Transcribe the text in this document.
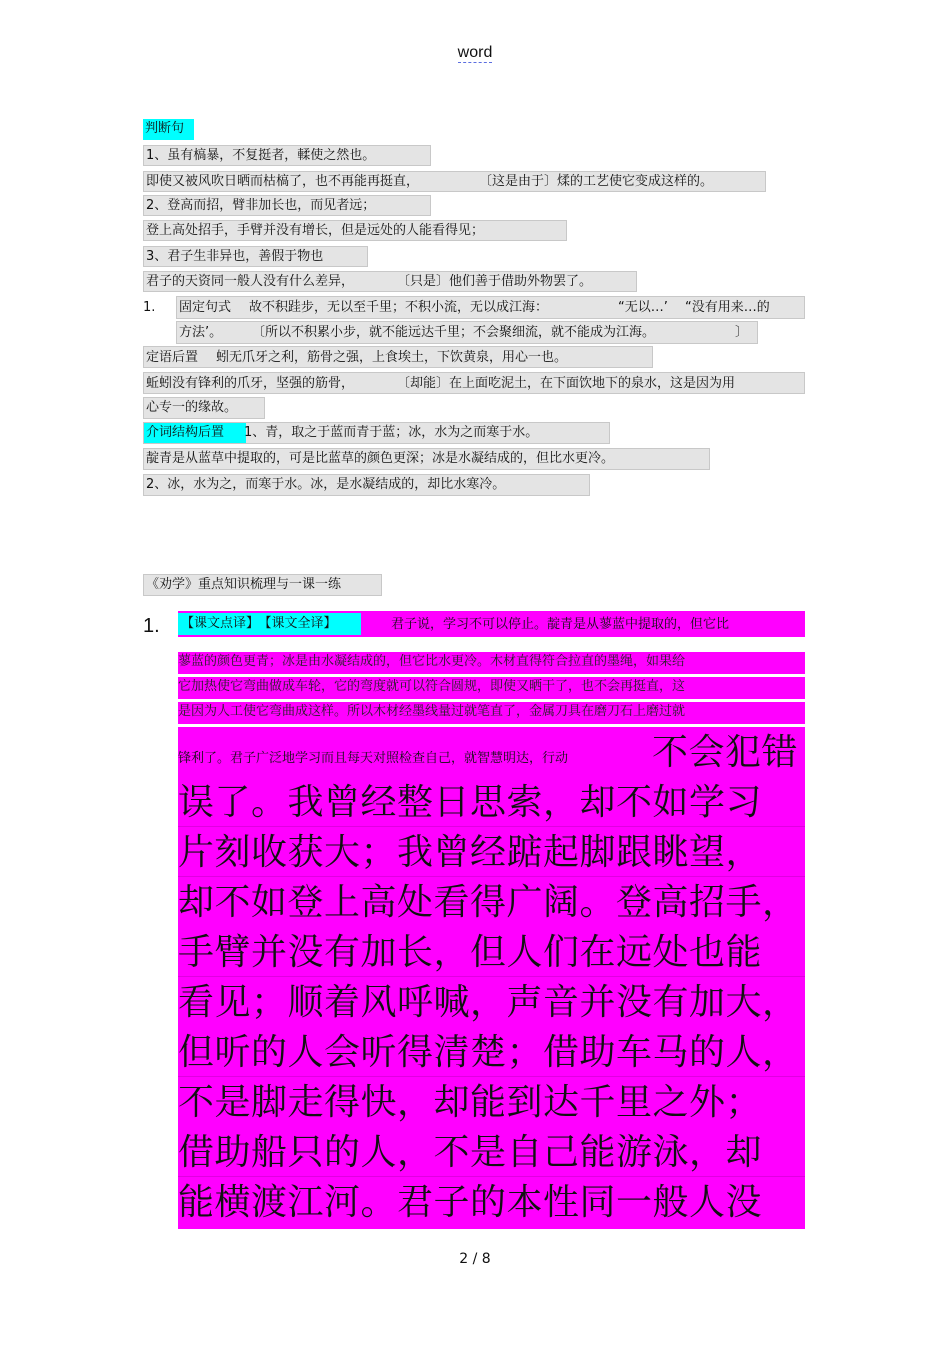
word
判断句
1、虽有槁暴，不复挺者，輮使之然也。
即使又被风吹日晒而枯槁了，也不再能再挺直，	〔这是由于〕煣的工艺使它变成这样的。
2、登高而招，臂非加长也，而见者远；
登上高处招手，手臂并没有增长，但是远处的人能看得见；
3、君子生非异也，善假于物也
君子的天资同一般人没有什么差异，	〔只是〕他们善于借助外物罢了。
1. 固定句式 故不积跬步，无以至千里；不积小流，无以成江海：	“无以…’ “没有用来…的
方法’。 〔所以不积累小步，就不能远达千里；不会聚细流，就不能成为江海。	〕
定语后置 蚓无爪牙之利，筋骨之强，上食埃土，下饮黄泉，用心一也。
蚯蚓没有锋利的爪牙，坚强的筋骨，	〔却能〕在上面吃泥土，在下面饮地下的泉水，这是因为用
心专一的缘故。
介词结构后置	1、青，取之于蓝而青于蓝；冰，水为之而寒于水。
靛青是从蓝草中提取的，可是比蓝草的颜色更深；冰是水凝结成的，但比水更冷。
2、冰，水为之，而寒于水。冰，是水凝结成的，却比水寒冷。
《劝学》重点知识梳理与一课一练
1. 【课文点译】 【课文全译】	君子说，学习不可以停止。靛青是从蓼蓝中提取的，但它比
蓼蓝的颜色更青；冰是由水凝结成的，但它比水更冷。木材直得符合拉直的墨绳，如果给
它加热使它弯曲做成车轮，它的弯度就可以符合圆规，即使又晒干了，也不会再挺直，这
是因为人工使它弯曲成这样。所以木材经墨线量过就笔直了，金属刀具在磨刀石上磨过就
锋利了。君子广泛地学习而且每天对照检查自己，就智慧明达，行动 不会犯错
误了。我曾经整日思索，却不如学习
片刻收获大；我曾经踮起脚跟眺望，
却不如登上高处看得广阔。登高招手，
手臂并没有加长，但人们在远处也能
看见；顺着风呼喊，声音并没有加大，
但听的人会听得清楚；借助车马的人，
不是脚走得快，却能到达千里之外；
借助船只的人，不是自己能游泳，却
能横渡江河。君子的本性同一般人没
2 / 8
